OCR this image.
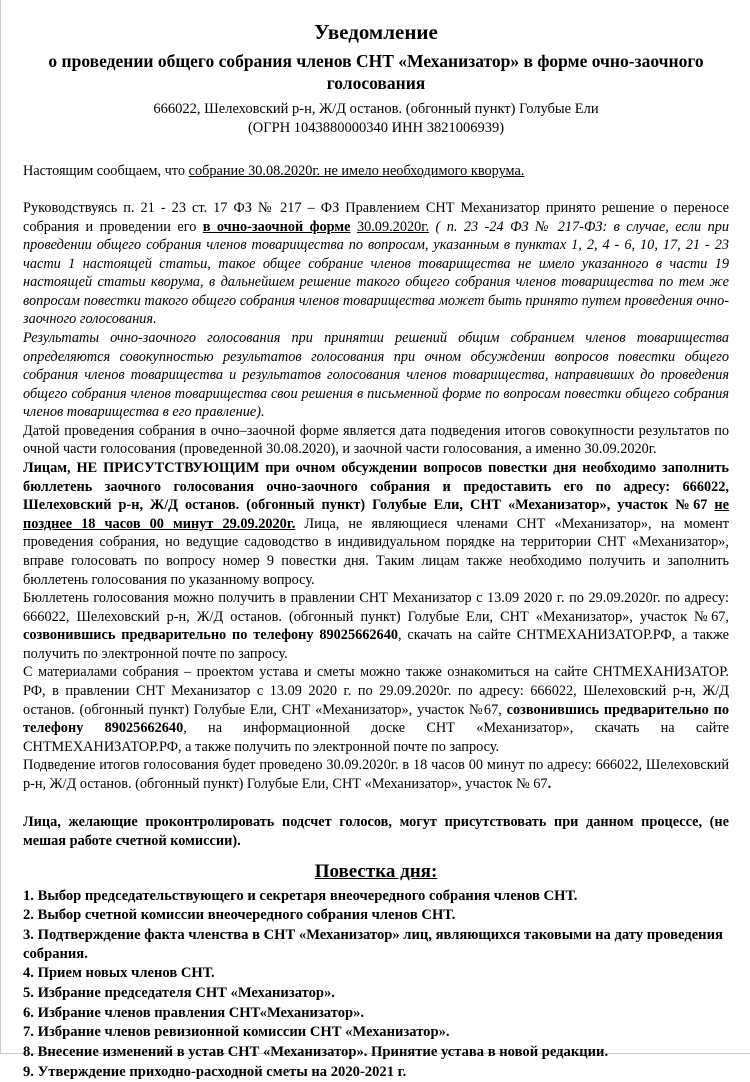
Уведомление
о проведении общего собрания членов СНТ «Механизатор» в форме очно-заочного голосования

666022, Шелеховский р-н, Ж/Д останов. (обгонный пункт) Голубые Ели

(ОГРН 1043880000340 ИНН 3821006939)

Настоящим сообщаем, что собрание 30.08.2020г. не имело необходимого кворума.

Руководствуясь п. 21 - 23 ст. 17 ФЗ № 217 – ФЗ Правлением СНТ Механизатор принято решение о переносе собрания и проведении его в очно-заочной форме 30.09.2020г. ( п. 23 -24 ФЗ № 217-ФЗ: в случае, если при проведении общего собрания членов товарищества по вопросам, указанным в пунктах 1, 2, 4 - 6, 10, 17, 21 - 23 части 1 настоящей статьи, такое общее собрание членов товарищества не имело указанного в части 19 настоящей статьи кворума, в дальнейшем решение такого общего собрания членов товарищества по тем же вопросам повестки такого общего собрания членов товарищества может быть принято путем проведения очно-заочного голосования.

Результаты очно-заочного голосования при принятии решений общим собранием членов товарищества определяются совокупностью результатов голосования при очном обсуждении вопросов повестки общего собрания членов товарищества и результатов голосования членов товарищества, направивших до проведения общего собрания членов товарищества свои решения в письменной форме по вопросам повестки общего собрания членов товарищества в его правление).

Датой проведения собрания в очно–заочной форме является дата подведения итогов совокупности результатов по очной части голосования (проведенной 30.08.2020), и заочной части голосования, а именно 30.09.2020г.

Лицам, НЕ ПРИСУТСТВУЮЩИМ при очном обсуждении вопросов повестки дня необходимо заполнить бюллетень заочного голосования очно-заочного собрания и предоставить его по адресу: 666022, Шелеховский р-н, Ж/Д останов. (обгонный пункт) Голубые Ели, СНТ «Механизатор», участок №67 не позднее 18 часов 00 минут 29.09.2020г. Лица, не являющиеся членами СНТ «Механизатор», на момент проведения собрания, но ведущие садоводство в индивидуальном порядке на территории СНТ «Механизатор», вправе голосовать по вопросу номер 9 повестки дня. Таким лицам также необходимо получить и заполнить бюллетень голосования по указанному вопросу.

Бюллетень голосования можно получить в правлении СНТ Механизатор с 13.09 2020 г. по 29.09.2020г. по адресу: 666022, Шелеховский р-н, Ж/Д останов. (обгонный пункт) Голубые Ели, СНТ «Механизатор», участок №67, созвонившись предварительно по телефону 89025662640, скачать на сайте СНТМЕХАНИЗАТОР.РФ, а также получить по электронной почте по запросу.

С материалами собрания – проектом устава и сметы можно также ознакомиться на сайте СНТМЕХАНИЗАТОР. РФ, в правлении СНТ Механизатор с 13.09 2020 г. по 29.09.2020г. по адресу: 666022, Шелеховский р-н, Ж/Д останов. (обгонный пункт) Голубые Ели, СНТ «Механизатор», участок №67, созвонившись предварительно по телефону 89025662640, на информационной доске СНТ «Механизатор», скачать на сайте СНТМЕХАНИЗАТОР.РФ, а также получить по электронной почте по запросу.

Подведение итогов голосования будет проведено 30.09.2020г. в 18 часов 00 минут по адресу: 666022, Шелеховский р-н, Ж/Д останов. (обгонный пункт) Голубые Ели, СНТ «Механизатор», участок № 67.

Лица, желающие проконтролировать подсчет голосов, могут присутствовать при данном процессе, (не мешая работе счетной комиссии).

Повестка дня:
1. Выбор председательствующего и секретаря внеочередного собрания членов СНТ.
2. Выбор счетной комиссии внеочередного собрания членов СНТ.
3. Подтверждение факта членства в СНТ «Механизатор» лиц, являющихся таковыми на дату проведения собрания.
4. Прием новых членов СНТ.
5. Избрание председателя СНТ «Механизатор».
6. Избрание членов правления СНТ«Механизатор».
7. Избрание членов ревизионной комиссии СНТ «Механизатор».
8. Внесение изменений в устав СНТ «Механизатор». Принятие устава в новой редакции.
9. Утверждение приходно-расходной сметы на 2020-2021 г.
